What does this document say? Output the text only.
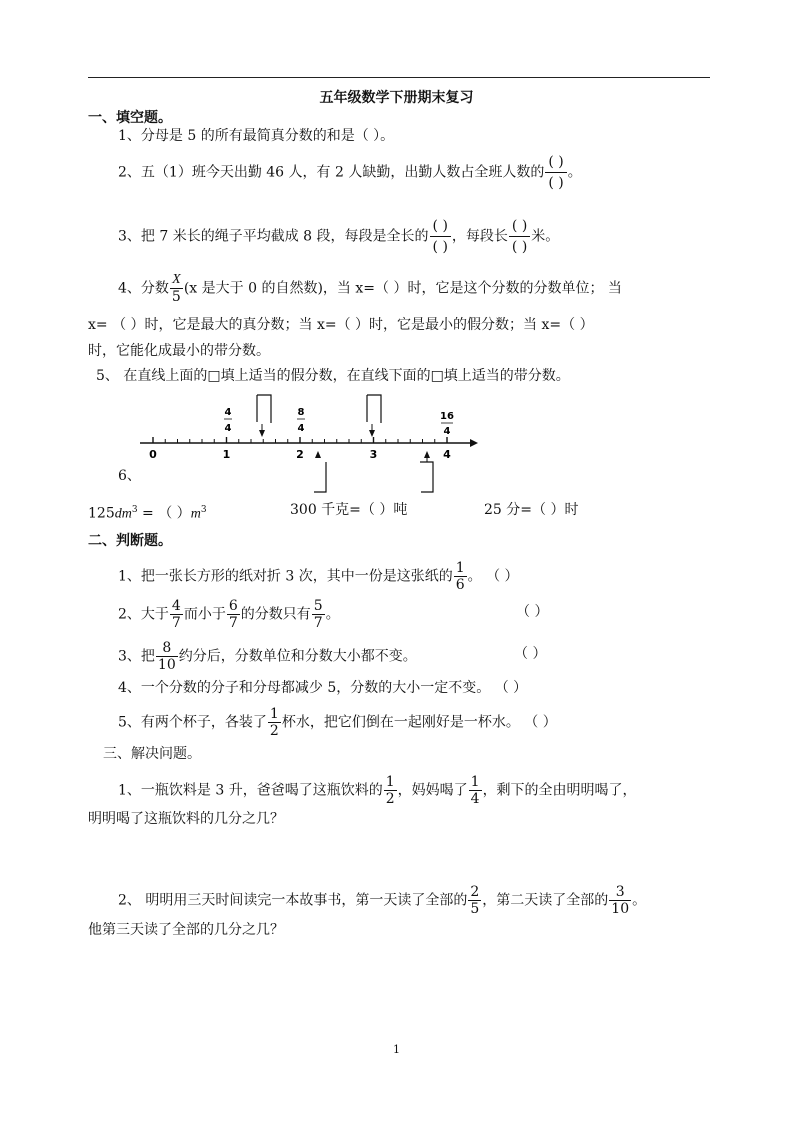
五年级数学下册期末复习
一、填空题。
1、分母是 5 的所有最简真分数的和是（ ）。
2、五（1）班今天出勤 46 人，有 2 人缺勤，出勤人数占全班人数的 $\frac{( )}{( )}$ 。
3、把 7 米长的绳子平均截成 8 段，每段是全长的 $\frac{( )}{( )}$ ，每段长 $\frac{( )}{( )}$ 米。
4、分数 $\frac{X}{5} (x$ 是大于 0 的自然数)，当 x=（ ）时，它是这个分数的分数单位； 当
x= （ ）时，它是最大的真分数；当 x=（ ）时，它是最小的假分数；当 x=（ ）
时，它能化成最小的带分数。
5、 在直线上面的□填上适当的假分数，在直线下面的□填上适当的带分数。
0	1	2	3	4
4
4
8
4
16
4
6、
$125dm^3$ = （ ）$m^3$	300 千克=（ ）吨	25 分=（ ）时
二、判断题。
1、把一张长方形的纸对折 3 次，其中一份是这张纸的 $\frac{1}{6}$ 。 （ ）
2、大于 $\frac{4}{7}$ 而小于 $\frac{6}{7}$ 的分数只有 $\frac{5}{7}$ 。	（ ）
3、把 $\frac{8}{10}$ 约分后，分数单位和分数大小都不变。	（ ）
4、一个分数的分子和分母都减少 5，分数的大小一定不变。 （ ）
5、有两个杯子，各装了 $\frac{1}{2}$ 杯水，把它们倒在一起刚好是一杯水。 （ ）
三、解决问题。
1、一瓶饮料是 3 升，爸爸喝了这瓶饮料的 $\frac{1}{2}$ ，妈妈喝了 $\frac{1}{4}$ ，剩下的全由明明喝了，
明明喝了这瓶饮料的几分之几？
2、 明明用三天时间读完一本故事书，第一天读了全部的 $\frac{2}{5}$ ，第二天读了全部的 $\frac{3}{10}$ 。
他第三天读了全部的几分之几？
1
